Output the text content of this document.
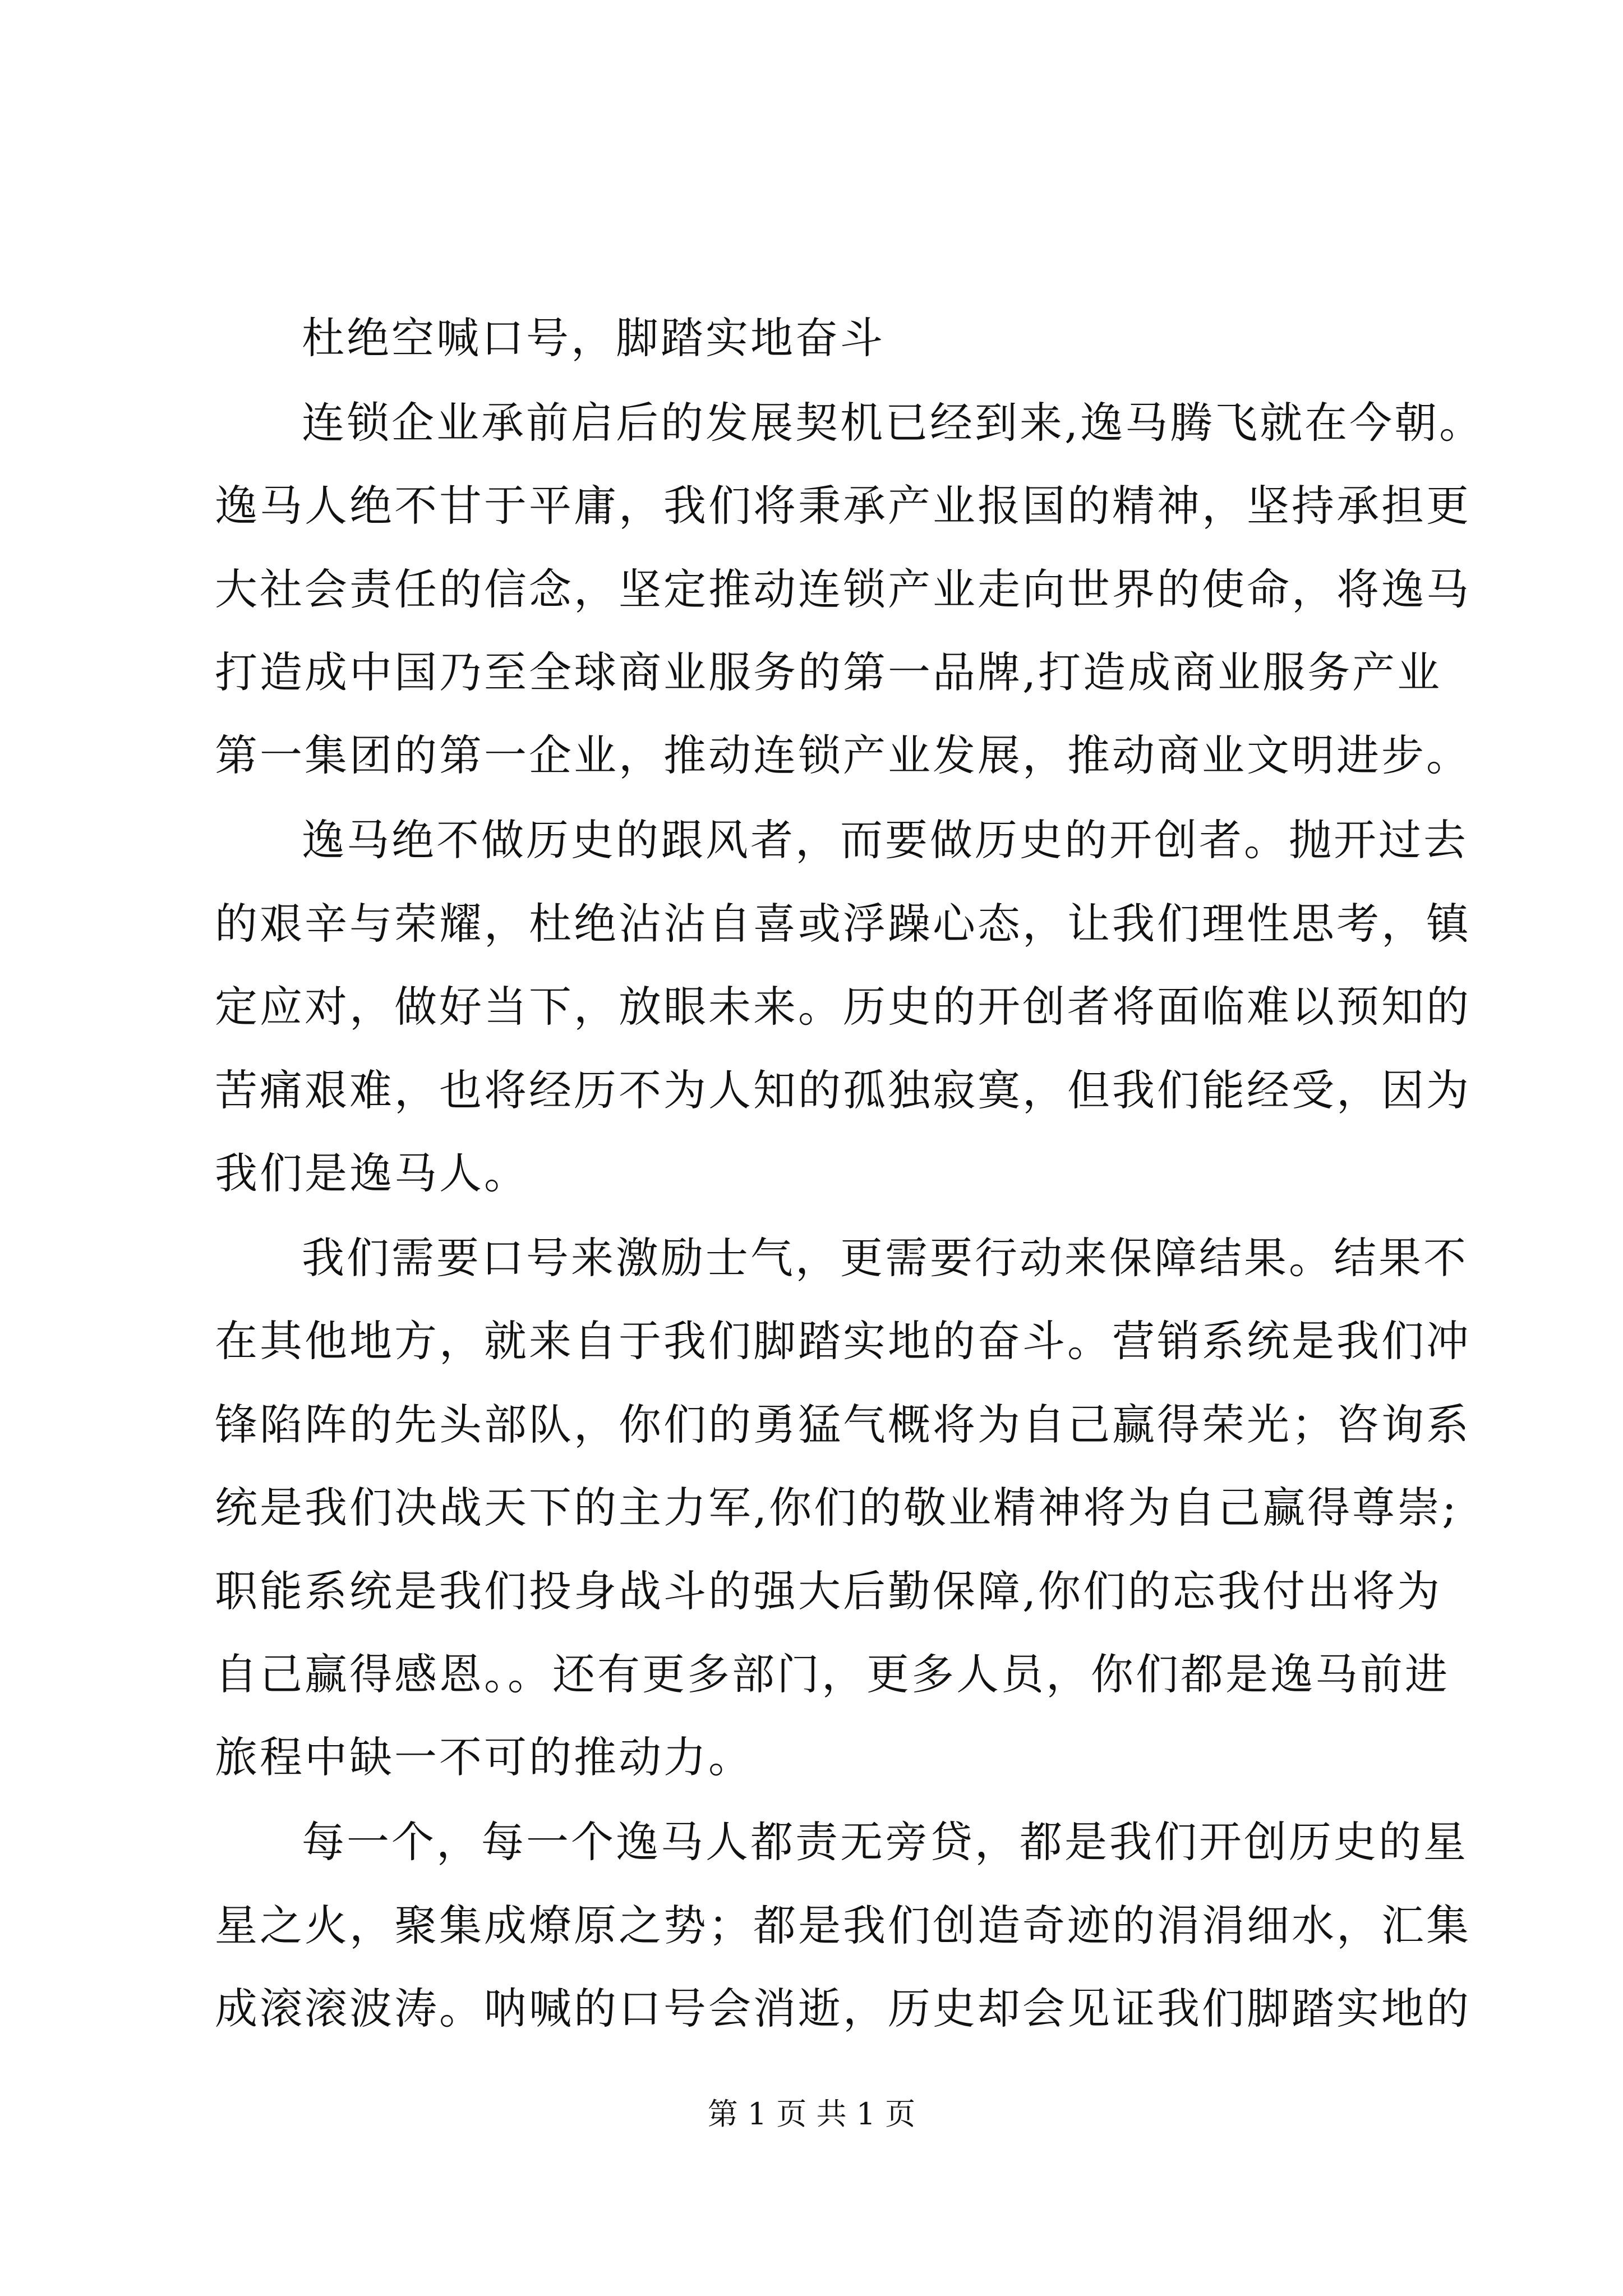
杜绝空喊口号，脚踏实地奋斗

连锁企业承前启后的发展契机已经到来,逸马腾飞就在今朝。

逸马人绝不甘于平庸，我们将秉承产业报国的精神，坚持承担更

大社会责任的信念，坚定推动连锁产业走向世界的使命，将逸马

打造成中国乃至全球商业服务的第一品牌,打造成商业服务产业

第一集团的第一企业，推动连锁产业发展，推动商业文明进步。

逸马绝不做历史的跟风者，而要做历史的开创者。抛开过去

的艰辛与荣耀，杜绝沾沾自喜或浮躁心态，让我们理性思考，镇

定应对，做好当下，放眼未来。历史的开创者将面临难以预知的

苦痛艰难，也将经历不为人知的孤独寂寞，但我们能经受，因为

我们是逸马人。

我们需要口号来激励士气，更需要行动来保障结果。结果不

在其他地方，就来自于我们脚踏实地的奋斗。营销系统是我们冲

锋陷阵的先头部队，你们的勇猛气概将为自己赢得荣光；咨询系

统是我们决战天下的主力军,你们的敬业精神将为自己赢得尊崇;

职能系统是我们投身战斗的强大后勤保障,你们的忘我付出将为

自己赢得感恩。。还有更多部门，更多人员，你们都是逸马前进

旅程中缺一不可的推动力。

每一个，每一个逸马人都责无旁贷，都是我们开创历史的星

星之火，聚集成燎原之势；都是我们创造奇迹的涓涓细水，汇集

成滚滚波涛。呐喊的口号会消逝，历史却会见证我们脚踏实地的

第 1 页 共 1 页
